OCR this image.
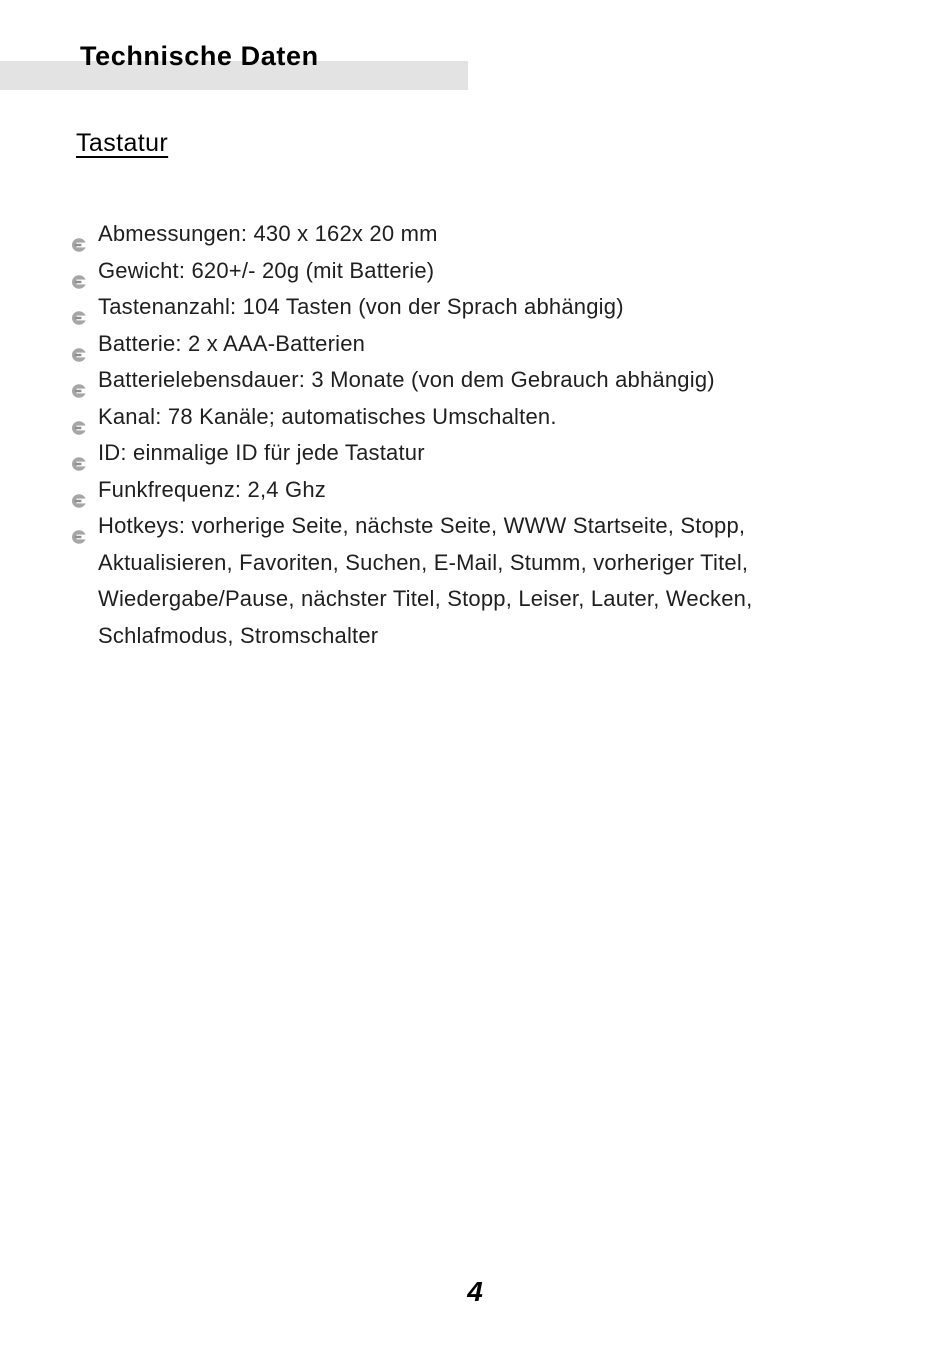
Technische Daten
Tastatur
Abmessungen: 430 x 162x 20 mm
Gewicht: 620+/- 20g (mit Batterie)
Tastenanzahl: 104 Tasten (von der Sprach abhängig)
Batterie: 2 x AAA-Batterien
Batterielebensdauer: 3 Monate (von dem Gebrauch abhängig)
Kanal: 78 Kanäle; automatisches Umschalten.
ID: einmalige ID für jede Tastatur
Funkfrequenz: 2,4 Ghz
Hotkeys: vorherige Seite, nächste Seite, WWW Startseite, Stopp,
Aktualisieren, Favoriten, Suchen, E-Mail, Stumm, vorheriger Titel,
Wiedergabe/Pause, nächster Titel, Stopp, Leiser, Lauter, Wecken,
Schlafmodus, Stromschalter
4
